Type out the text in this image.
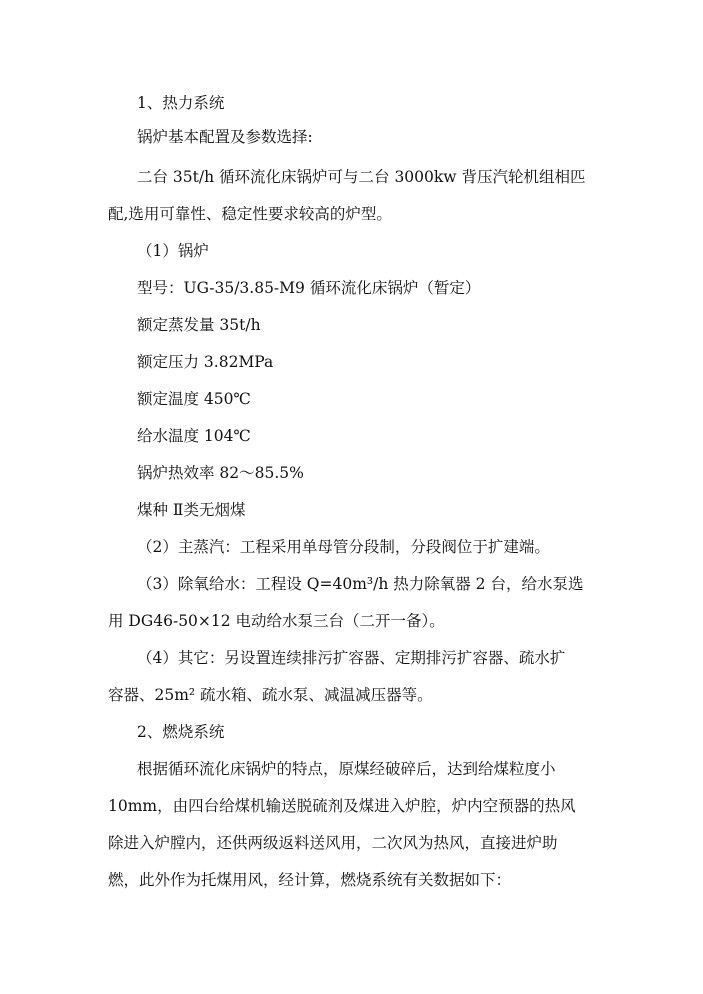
1、热力系统
锅炉基本配置及参数选择:
二台 35t/h 循环流化床锅炉可与二台 3000kw 背压汽轮机组相匹
配,选用可靠性、稳定性要求较高的炉型。
（1）锅炉
型号：UG-35/3.85-M9 循环流化床锅炉（暂定）
额定蒸发量 35t/h
额定压力 3.82MPa
额定温度 450℃
给水温度 104℃
锅炉热效率 82～85.5%
煤种 Ⅱ类无烟煤
（2）主蒸汽：工程采用单母管分段制，分段阀位于扩建端。
（3）除氧给水：工程设 Q=40m³/h 热力除氧器 2 台，给水泵选
用 DG46-50×12 电动给水泵三台（二开一备）。
（4）其它：另设置连续排污扩容器、定期排污扩容器、疏水扩
容器、25m² 疏水箱、疏水泵、减温减压器等。
2、燃烧系统
根据循环流化床锅炉的特点，原煤经破碎后，达到给煤粒度小
10mm，由四台给煤机输送脱硫剂及煤进入炉腔，炉内空预器的热风
除进入炉膛内，还供两级返料送风用，二次风为热风，直接进炉助
燃，此外作为托煤用风，经计算，燃烧系统有关数据如下：
